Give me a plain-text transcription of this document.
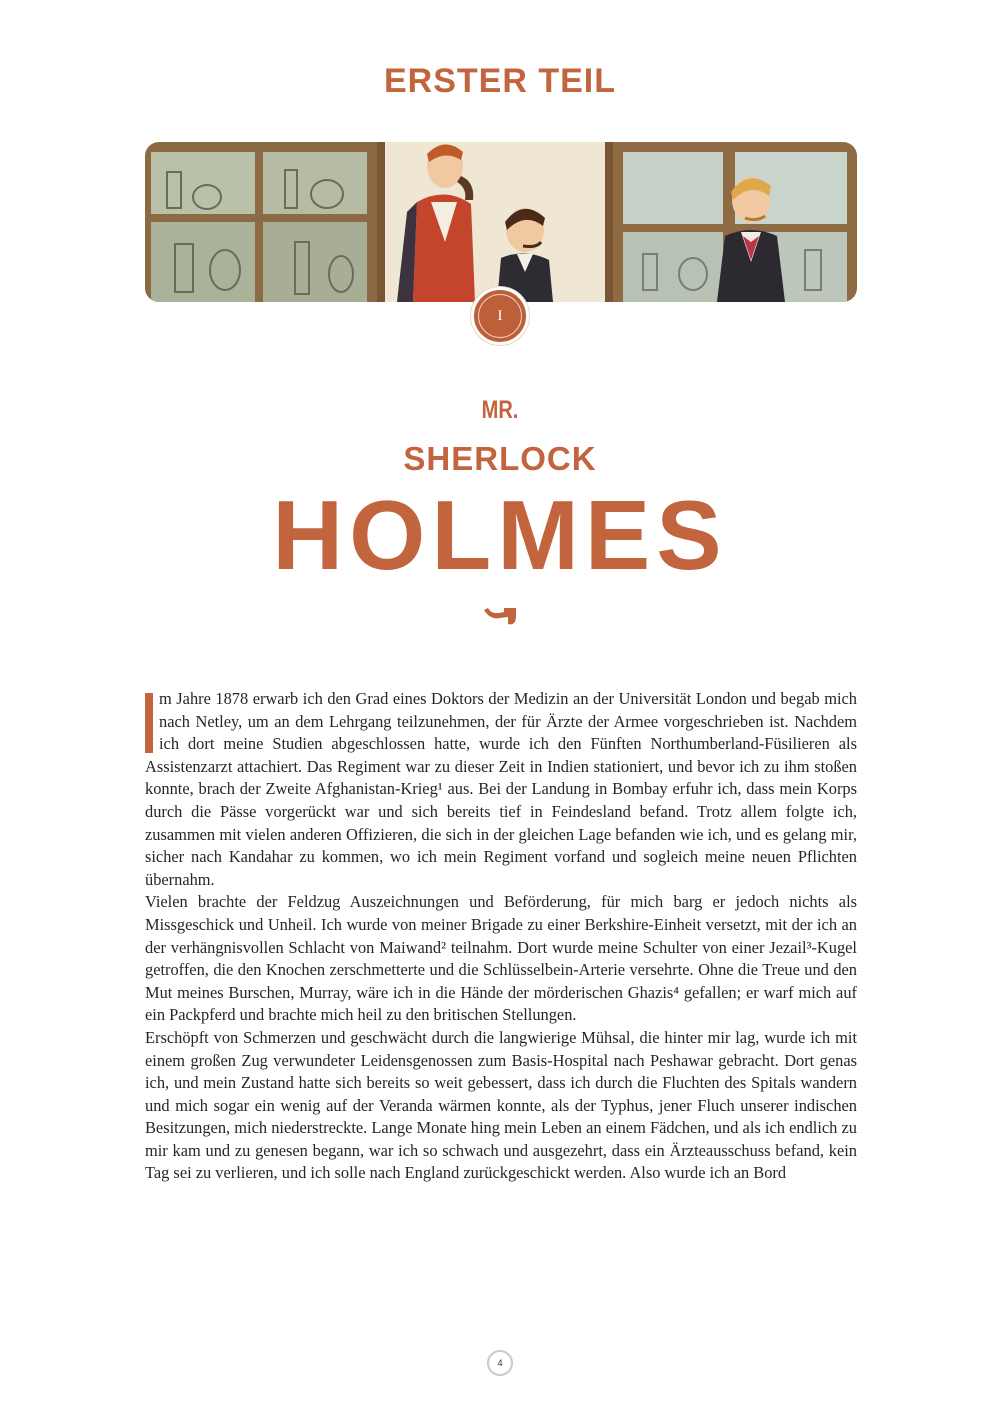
ERSTER TEIL
I
MR.
SHERLOCK
HOLMES

m Jahre 1878 erwarb ich den Grad eines Doktors der Medizin an der Universität London und begab mich nach Netley, um an dem Lehrgang teilzunehmen, der für Ärzte der Armee vorgeschrieben ist. Nachdem ich dort meine Studien abgeschlossen hatte, wurde ich den Fünften Northumberland-Füsilieren als Assistenzarzt attachiert. Das Regiment war zu dieser Zeit in Indien stationiert, und bevor ich zu ihm stoßen konnte, brach der Zweite Afghanistan-Krieg¹ aus. Bei der Landung in Bombay erfuhr ich, dass mein Korps durch die Pässe vorgerückt war und sich bereits tief in Feindesland befand. Trotz allem folgte ich, zusammen mit vielen anderen Offizieren, die sich in der gleichen Lage befanden wie ich, und es gelang mir, sicher nach Kandahar zu kommen, wo ich mein Regiment vorfand und sogleich meine neuen Pflichten übernahm.

Vielen brachte der Feldzug Auszeichnungen und Beförderung, für mich barg er jedoch nichts als Missgeschick und Unheil. Ich wurde von meiner Brigade zu einer Berkshire-Einheit versetzt, mit der ich an der verhängnisvollen Schlacht von Maiwand² teilnahm. Dort wurde meine Schulter von einer Jezail³-Kugel getroffen, die den Knochen zerschmetterte und die Schlüsselbein-Arterie versehrte. Ohne die Treue und den Mut meines Burschen, Murray, wäre ich in die Hände der mörderischen Ghazis⁴ gefallen; er warf mich auf ein Packpferd und brachte mich heil zu den britischen Stellungen.

Erschöpft von Schmerzen und geschwächt durch die langwierige Mühsal, die hinter mir lag, wurde ich mit einem großen Zug verwundeter Leidensgenossen zum Basis-Hospital nach Peshawar gebracht. Dort genas ich, und mein Zustand hatte sich bereits so weit gebessert, dass ich durch die Fluchten des Spitals wandern und mich sogar ein wenig auf der Veranda wärmen konnte, als der Typhus, jener Fluch unserer indischen Besitzungen, mich niederstreckte. Lange Monate hing mein Leben an einem Fädchen, und als ich endlich zu mir kam und zu genesen begann, war ich so schwach und ausgezehrt, dass ein Ärzteausschuss befand, kein Tag sei zu verlieren, und ich solle nach England zurückgeschickt werden. Also wurde ich an Bord

4
